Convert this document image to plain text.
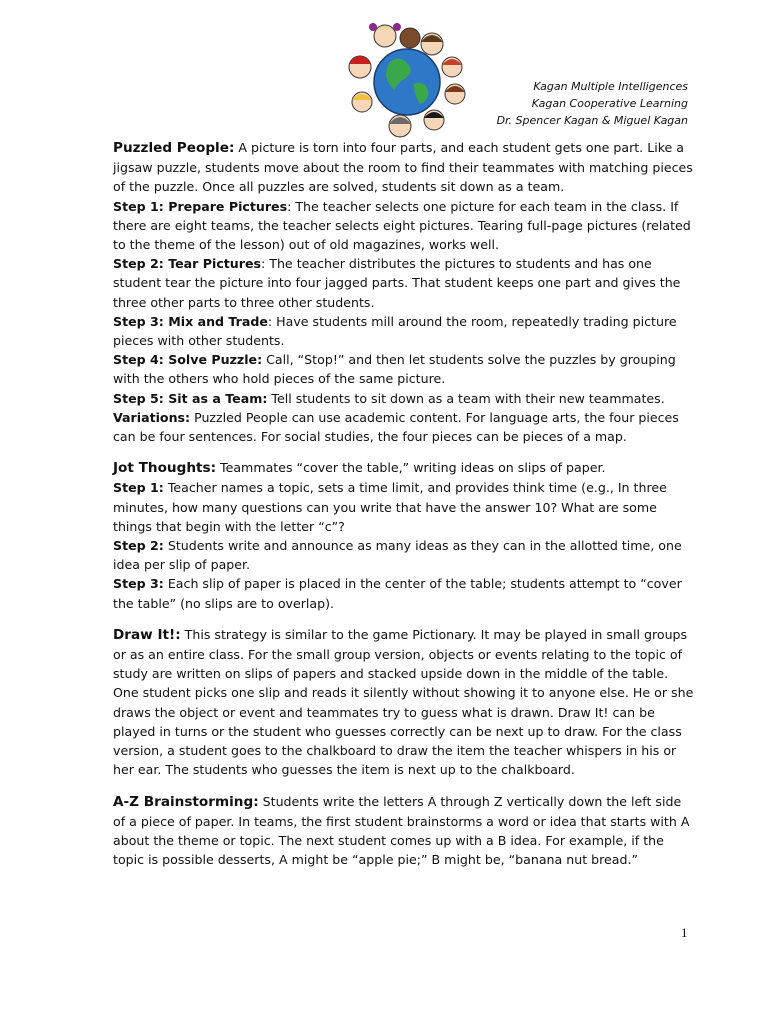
Kagan Multiple Intelligences
Kagan Cooperative Learning
Dr. Spencer Kagan & Miguel Kagan

Puzzled People: A picture is torn into four parts, and each student gets one part. Like a jigsaw puzzle, students move about the room to find their teammates with matching pieces of the puzzle. Once all puzzles are solved, students sit down as a team.

Step 1: Prepare Pictures: The teacher selects one picture for each team in the class. If there are eight teams, the teacher selects eight pictures. Tearing full-page pictures (related to the theme of the lesson) out of old magazines, works well.

Step 2: Tear Pictures: The teacher distributes the pictures to students and has one student tear the picture into four jagged parts. That student keeps one part and gives the three other parts to three other students.

Step 3: Mix and Trade: Have students mill around the room, repeatedly trading picture pieces with other students.

Step 4: Solve Puzzle: Call, “Stop!” and then let students solve the puzzles by grouping with the others who hold pieces of the same picture.

Step 5: Sit as a Team: Tell students to sit down as a team with their new teammates.

Variations: Puzzled People can use academic content. For language arts, the four pieces can be four sentences. For social studies, the four pieces can be pieces of a map.

Jot Thoughts: Teammates “cover the table,” writing ideas on slips of paper.

Step 1: Teacher names a topic, sets a time limit, and provides think time (e.g., In three minutes, how many questions can you write that have the answer 10? What are some things that begin with the letter “c”?

Step 2: Students write and announce as many ideas as they can in the allotted time, one idea per slip of paper.

Step 3: Each slip of paper is placed in the center of the table; students attempt to “cover the table” (no slips are to overlap).

Draw It!: This strategy is similar to the game Pictionary. It may be played in small groups or as an entire class. For the small group version, objects or events relating to the topic of study are written on slips of papers and stacked upside down in the middle of the table. One student picks one slip and reads it silently without showing it to anyone else. He or she draws the object or event and teammates try to guess what is drawn. Draw It! can be played in turns or the student who guesses correctly can be next up to draw. For the class version, a student goes to the chalkboard to draw the item the teacher whispers in his or her ear. The students who guesses the item is next up to the chalkboard.

A-Z Brainstorming: Students write the letters A through Z vertically down the left side of a piece of paper. In teams, the first student brainstorms a word or idea that starts with A about the theme or topic. The next student comes up with a B idea. For example, if the topic is possible desserts, A might be “apple pie;” B might be, “banana nut bread.”

1
